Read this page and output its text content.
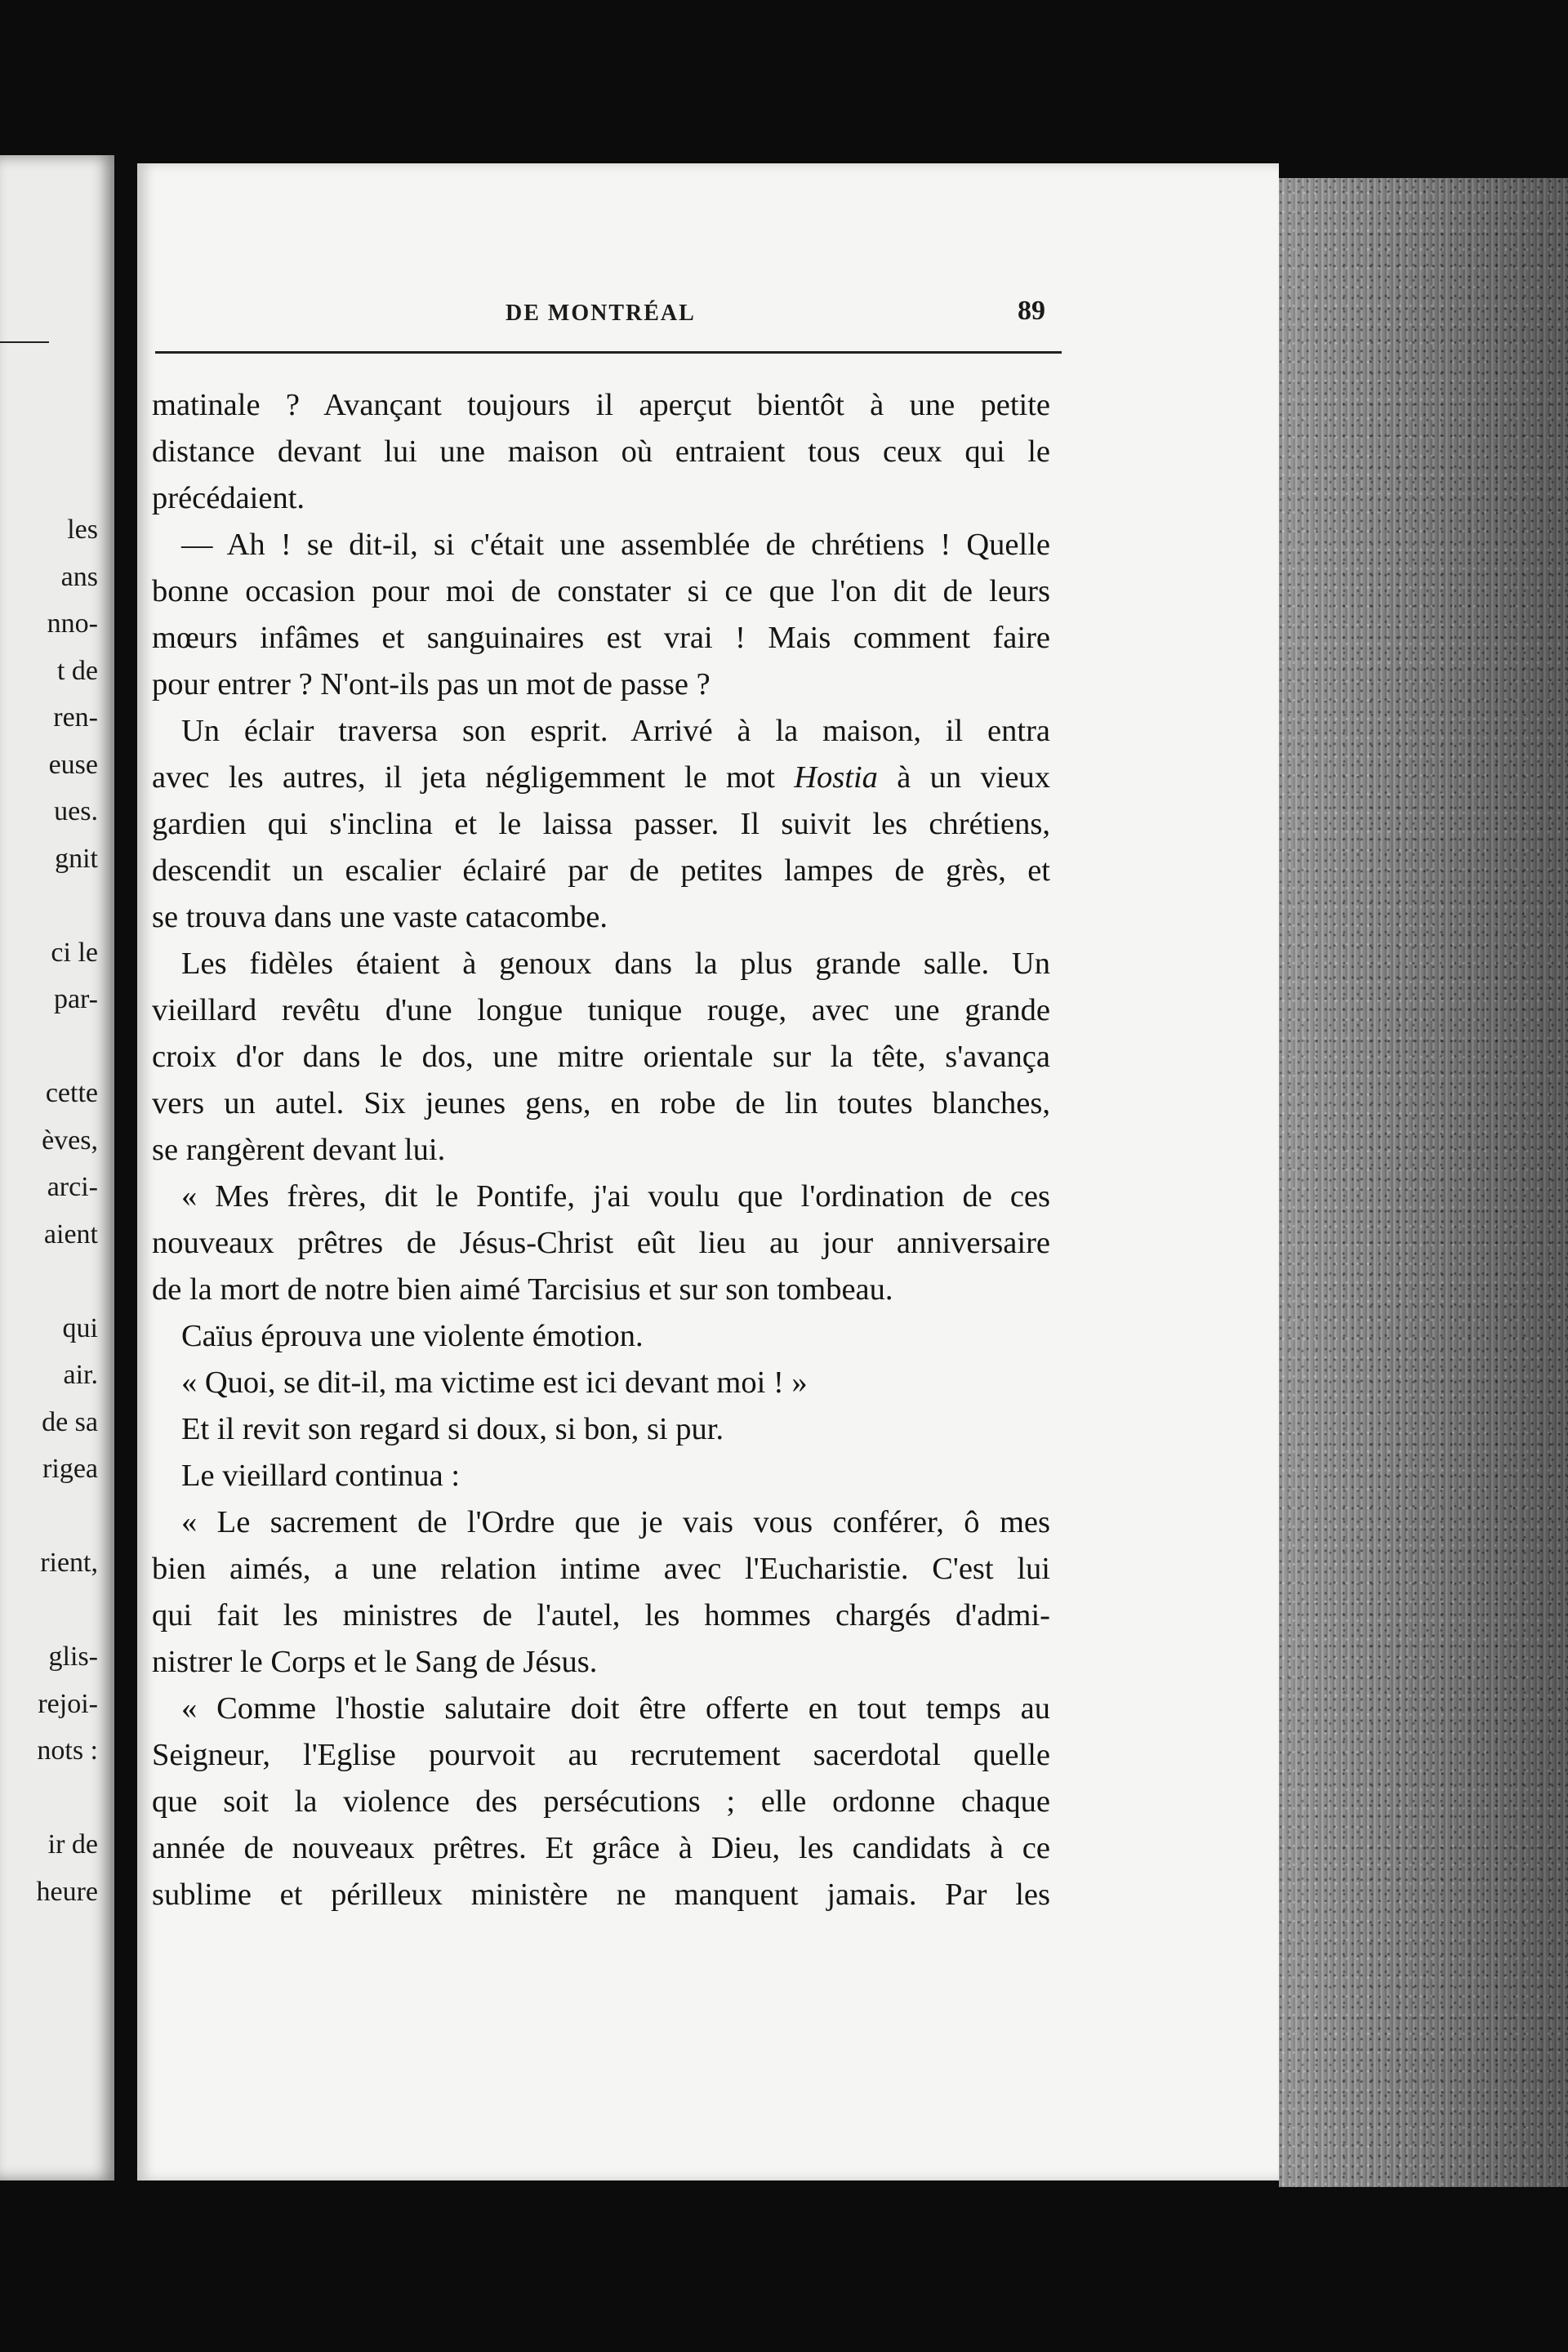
les
ans
nno-
t de
ren-
euse
ues.
gnit
ci le
par-
cette
èves,
arci-
aient
qui
air.
de sa
rigea
rient,
glis-
rejoi-
nots :
ir de
heure
DE MONTRÉAL	89
matinale ? Avançant toujours il aperçut bientôt à une petite
distance devant lui une maison où entraient tous ceux qui le
précédaient.
— Ah ! se dit-il, si c'était une assemblée de chrétiens ! Quelle
bonne occasion pour moi de constater si ce que l'on dit de leurs
mœurs infâmes et sanguinaires est vrai ! Mais comment faire
pour entrer ? N'ont-ils pas un mot de passe ?
Un éclair traversa son esprit. Arrivé à la maison, il entra
avec les autres, il jeta négligemment le mot Hostia à un vieux
gardien qui s'inclina et le laissa passer. Il suivit les chrétiens,
descendit un escalier éclairé par de petites lampes de grès, et
se trouva dans une vaste catacombe.
Les fidèles étaient à genoux dans la plus grande salle. Un
vieillard revêtu d'une longue tunique rouge, avec une grande
croix d'or dans le dos, une mitre orientale sur la tête, s'avança
vers un autel. Six jeunes gens, en robe de lin toutes blanches,
se rangèrent devant lui.
« Mes frères, dit le Pontife, j'ai voulu que l'ordination de ces
nouveaux prêtres de Jésus-Christ eût lieu au jour anniversaire
de la mort de notre bien aimé Tarcisius et sur son tombeau.
Caïus éprouva une violente émotion.
« Quoi, se dit-il, ma victime est ici devant moi ! »
Et il revit son regard si doux, si bon, si pur.
Le vieillard continua :
« Le sacrement de l'Ordre que je vais vous conférer, ô mes
bien aimés, a une relation intime avec l'Eucharistie. C'est lui
qui fait les ministres de l'autel, les hommes chargés d'admi-
nistrer le Corps et le Sang de Jésus.
« Comme l'hostie salutaire doit être offerte en tout temps au
Seigneur, l'Eglise pourvoit au recrutement sacerdotal quelle
que soit la violence des persécutions ; elle ordonne chaque
année de nouveaux prêtres. Et grâce à Dieu, les candidats à ce
sublime et périlleux ministère ne manquent jamais. Par les
